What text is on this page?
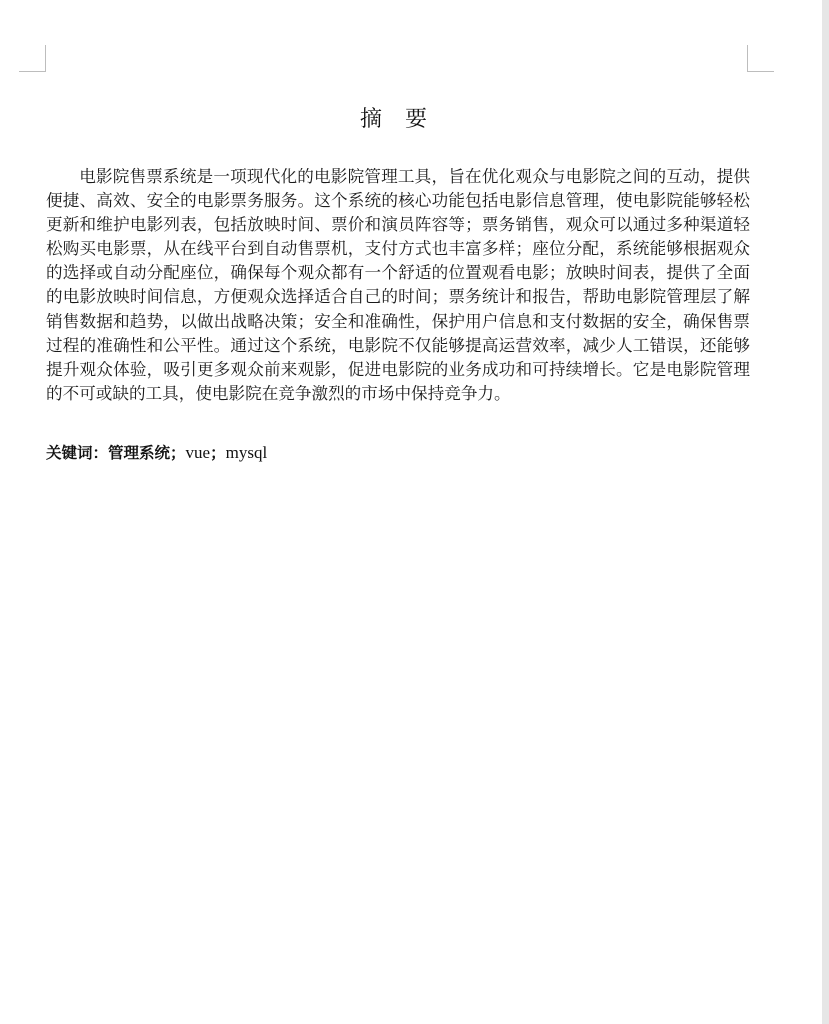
摘 要

电影院售票系统是一项现代化的电影院管理工具，旨在优化观众与电影院之间的互动，提供便捷、高效、安全的电影票务服务。这个系统的核心功能包括电影信息管理，使电影院能够轻松更新和维护电影列表，包括放映时间、票价和演员阵容等；票务销售，观众可以通过多种渠道轻松购买电影票，从在线平台到自动售票机，支付方式也丰富多样；座位分配，系统能够根据观众的选择或自动分配座位，确保每个观众都有一个舒适的位置观看电影；放映时间表，提供了全面的电影放映时间信息，方便观众选择适合自己的时间；票务统计和报告，帮助电影院管理层了解销售数据和趋势，以做出战略决策；安全和准确性，保护用户信息和支付数据的安全，确保售票过程的准确性和公平性。通过这个系统，电影院不仅能够提高运营效率，减少人工错误，还能够提升观众体验，吸引更多观众前来观影，促进电影院的业务成功和可持续增长。它是电影院管理的不可或缺的工具，使电影院在竞争激烈的市场中保持竞争力。

关键词：管理系统；vue；mysql
